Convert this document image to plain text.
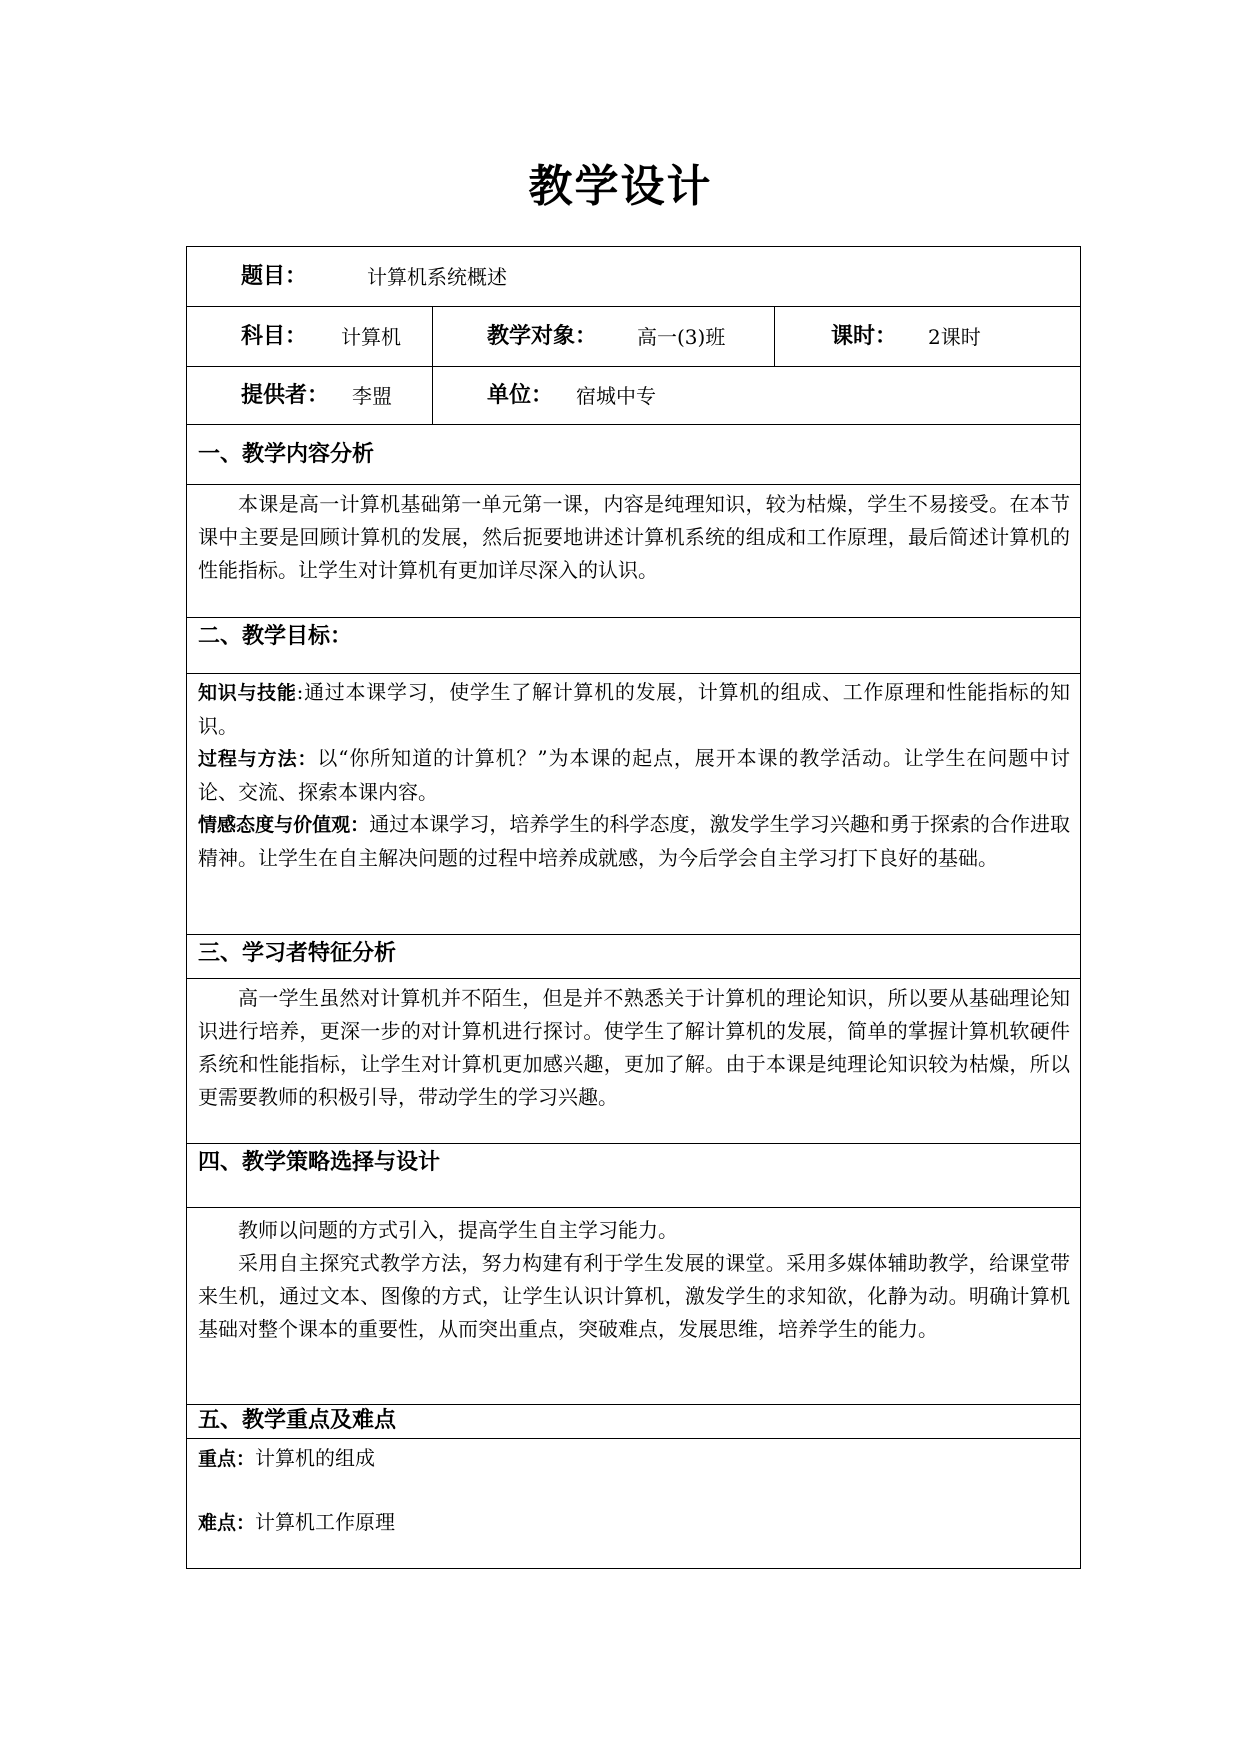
教学设计
题目：	计算机系统概述
科目： 计算机	教学对象： 高一(3)班	课时： 2课时
提供者： 李盟	单位： 宿城中专
一、教学内容分析

本课是高一计算机基础第一单元第一课，内容是纯理知识，较为枯燥，学生不易接受。在本节课中主要是回顾计算机的发展，然后扼要地讲述计算机系统的组成和工作原理，最后简述计算机的性能指标。让学生对计算机有更加详尽深入的认识。

二、教学目标：

知识与技能:通过本课学习，使学生了解计算机的发展，计算机的组成、工作原理和性能指标的知识。

过程与方法：以“你所知道的计算机？”为本课的起点，展开本课的教学活动。让学生在问题中讨论、交流、探索本课内容。

情感态度与价值观：通过本课学习，培养学生的科学态度，激发学生学习兴趣和勇于探索的合作进取精神。让学生在自主解决问题的过程中培养成就感，为今后学会自主学习打下良好的基础。

三、学习者特征分析

高一学生虽然对计算机并不陌生，但是并不熟悉关于计算机的理论知识，所以要从基础理论知识进行培养，更深一步的对计算机进行探讨。使学生了解计算机的发展，简单的掌握计算机软硬件系统和性能指标，让学生对计算机更加感兴趣，更加了解。由于本课是纯理论知识较为枯燥，所以更需要教师的积极引导，带动学生的学习兴趣。

四、教学策略选择与设计

教师以问题的方式引入，提高学生自主学习能力。

采用自主探究式教学方法，努力构建有利于学生发展的课堂。采用多媒体辅助教学，给课堂带来生机，通过文本、图像的方式，让学生认识计算机，激发学生的求知欲，化静为动。明确计算机基础对整个课本的重要性，从而突出重点，突破难点，发展思维，培养学生的能力。

五、教学重点及难点

重点：计算机的组成

难点：计算机工作原理
